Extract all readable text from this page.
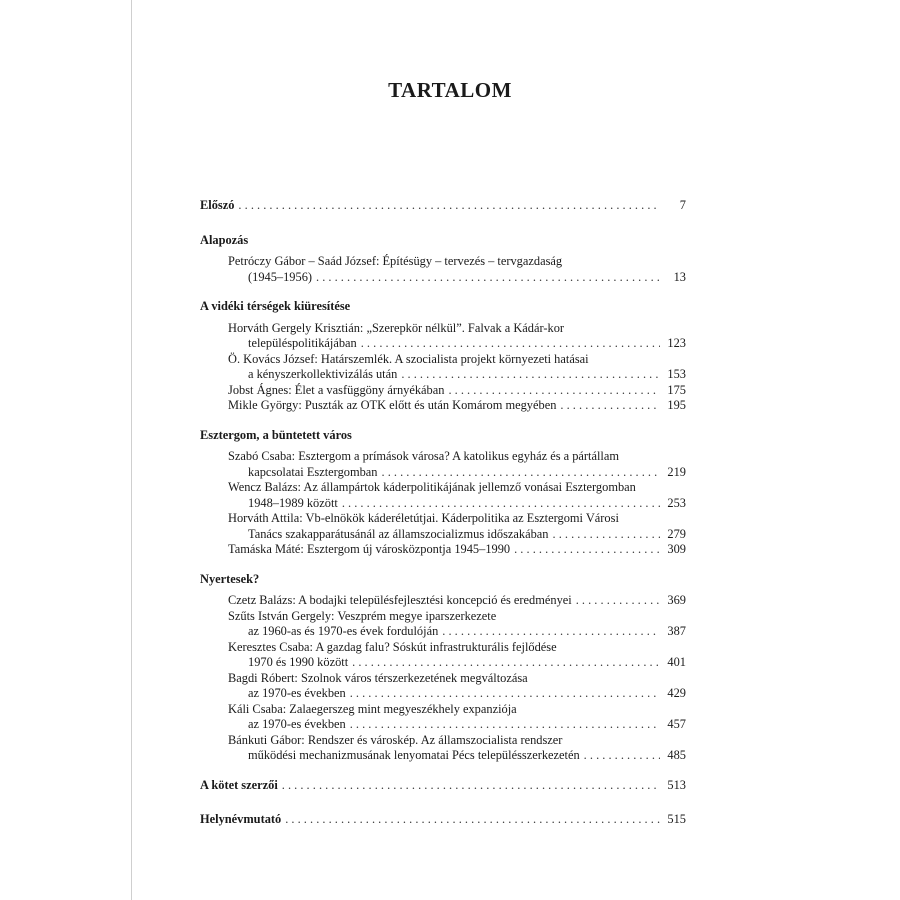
TARTALOM
Előszó . . .	7
Alapozás
Petróczy Gábor – Saád József: Építésügy – tervezés – tervgazdaság
(1945–1956) . . .	13
A vidéki térségek kiüresítése
Horváth Gergely Krisztián: „Szerepkör nélkül”. Falvak a Kádár-kor
településpolitikájában . . .	123
Ö. Kovács József: Határszemlék. A szocialista projekt környezeti hatásai
a kényszerkollektivizálás után . . .	153
Jobst Ágnes: Élet a vasfüggöny árnyékában . . .	175
Mikle György: Puszták az OTK előtt és után Komárom megyében . . .	195
Esztergom, a büntetett város
Szabó Csaba: Esztergom a prímások városa? A katolikus egyház és a pártállam
kapcsolatai Esztergomban . . .	219
Wencz Balázs: Az állampártok káderpolitikájának jellemző vonásai Esztergomban
1948–1989 között . . .	253
Horváth Attila: Vb-elnökök káderéletútjai. Káderpolitika az Esztergomi Városi
Tanács szakapparátusánál az államszocializmus időszakában . . .	279
Tamáska Máté: Esztergom új városközpontja 1945–1990 . . .	309
Nyertesek?
Czetz Balázs: A bodajki településfejlesztési koncepció és eredményei . . .	369
Szűts István Gergely: Veszprém megye iparszerkezete
az 1960-as és 1970-es évek fordulóján . . .	387
Keresztes Csaba: A gazdag falu? Sóskút infrastrukturális fejlődése
1970 és 1990 között . . .	401
Bagdi Róbert: Szolnok város térszerkezetének megváltozása
az 1970-es években . . .	429
Káli Csaba: Zalaegerszeg mint megyeszékhely expanziója
az 1970-es években . . .	457
Bánkuti Gábor: Rendszer és városkép. Az államszocialista rendszer
működési mechanizmusának lenyomatai Pécs településszerkezetén . . .	485
A kötet szerzői . . .	513
Helynévmutató . . .	515
